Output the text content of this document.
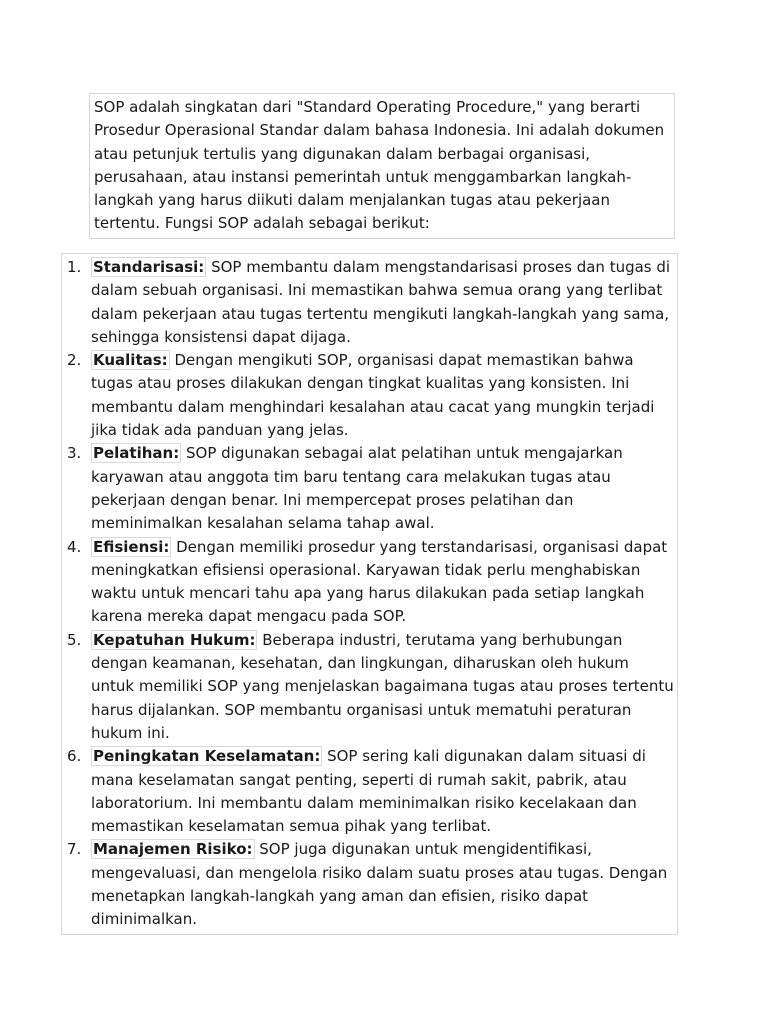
SOP adalah singkatan dari "Standard Operating Procedure," yang berarti Prosedur Operasional Standar dalam bahasa Indonesia. Ini adalah dokumen atau petunjuk tertulis yang digunakan dalam berbagai organisasi, perusahaan, atau instansi pemerintah untuk menggambarkan langkah-langkah yang harus diikuti dalam menjalankan tugas atau pekerjaan tertentu. Fungsi SOP adalah sebagai berikut:
1. Standarisasi: SOP membantu dalam mengstandarisasi proses dan tugas di dalam sebuah organisasi. Ini memastikan bahwa semua orang yang terlibat dalam pekerjaan atau tugas tertentu mengikuti langkah-langkah yang sama, sehingga konsistensi dapat dijaga.
2. Kualitas: Dengan mengikuti SOP, organisasi dapat memastikan bahwa tugas atau proses dilakukan dengan tingkat kualitas yang konsisten. Ini membantu dalam menghindari kesalahan atau cacat yang mungkin terjadi jika tidak ada panduan yang jelas.
3. Pelatihan: SOP digunakan sebagai alat pelatihan untuk mengajarkan karyawan atau anggota tim baru tentang cara melakukan tugas atau pekerjaan dengan benar. Ini mempercepat proses pelatihan dan meminimalkan kesalahan selama tahap awal.
4. Efisiensi: Dengan memiliki prosedur yang terstandarisasi, organisasi dapat meningkatkan efisiensi operasional. Karyawan tidak perlu menghabiskan waktu untuk mencari tahu apa yang harus dilakukan pada setiap langkah karena mereka dapat mengacu pada SOP.
5. Kepatuhan Hukum: Beberapa industri, terutama yang berhubungan dengan keamanan, kesehatan, dan lingkungan, diharuskan oleh hukum untuk memiliki SOP yang menjelaskan bagaimana tugas atau proses tertentu harus dijalankan. SOP membantu organisasi untuk mematuhi peraturan hukum ini.
6. Peningkatan Keselamatan: SOP sering kali digunakan dalam situasi di mana keselamatan sangat penting, seperti di rumah sakit, pabrik, atau laboratorium. Ini membantu dalam meminimalkan risiko kecelakaan dan memastikan keselamatan semua pihak yang terlibat.
7. Manajemen Risiko: SOP juga digunakan untuk mengidentifikasi, mengevaluasi, dan mengelola risiko dalam suatu proses atau tugas. Dengan menetapkan langkah-langkah yang aman dan efisien, risiko dapat diminimalkan.
